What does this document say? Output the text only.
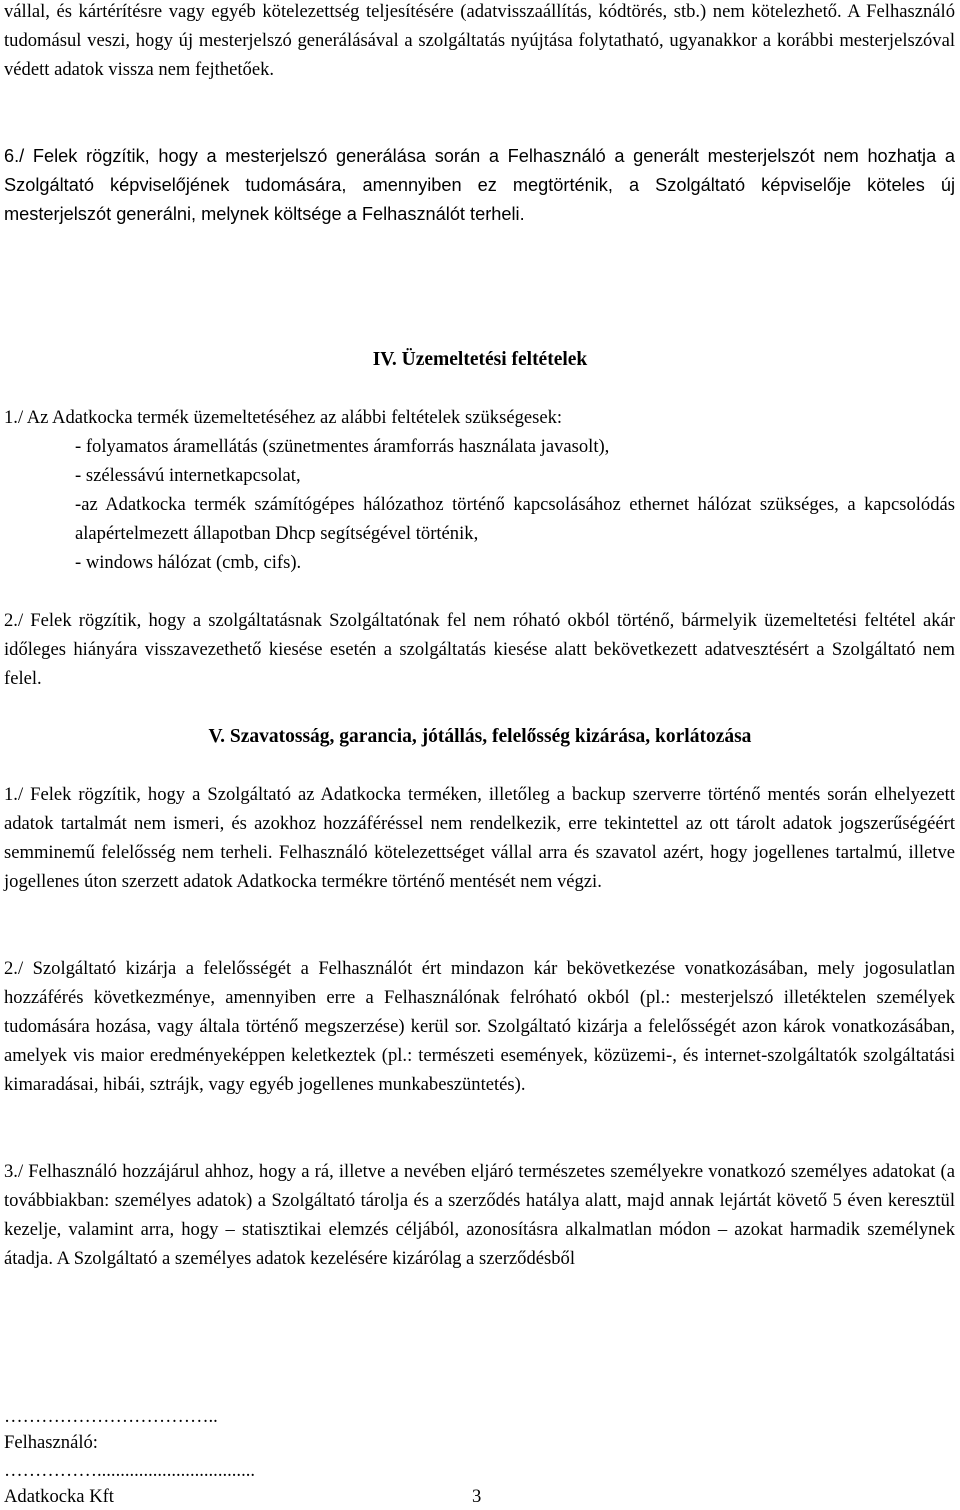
vállal, és kártérítésre vagy egyéb kötelezettség teljesítésére (adatvisszaállítás, kódtörés, stb.) nem kötelezhető. A Felhasználó tudomásul veszi, hogy új mesterjelszó generálásával a szolgáltatás nyújtása folytatható, ugyanakkor a korábbi mesterjelszóval védett adatok vissza nem fejthetőek.

6./ Felek rögzítik, hogy a mesterjelszó generálása során a Felhasználó a generált mesterjelszót nem hozhatja a Szolgáltató képviselőjének tudomására, amennyiben ez megtörténik, a Szolgáltató képviselője köteles új mesterjelszót generálni, melynek költsége a Felhasználót terheli.

IV. Üzemeltetési feltételek

1./ Az Adatkocka termék üzemeltetéséhez az alábbi feltételek szükségesek:

- folyamatos áramellátás (szünetmentes áramforrás használata javasolt),
- szélessávú internetkapcsolat,
-az Adatkocka termék számítógépes hálózathoz történő kapcsolásához ethernet hálózat szükséges, a kapcsolódás alapértelmezett állapotban Dhcp segítségével történik,
- windows hálózat (cmb, cifs).

2./ Felek rögzítik, hogy a szolgáltatásnak Szolgáltatónak fel nem róható okból történő, bármelyik üzemeltetési feltétel akár időleges hiányára visszavezethető kiesése esetén a szolgáltatás kiesése alatt bekövetkezett adatvesztésért a Szolgáltató nem felel.

V. Szavatosság, garancia, jótállás, felelősség kizárása, korlátozása

1./ Felek rögzítik, hogy a Szolgáltató az Adatkocka terméken, illetőleg a backup szerverre történő mentés során elhelyezett adatok tartalmát nem ismeri, és azokhoz hozzáféréssel nem rendelkezik, erre tekintettel az ott tárolt adatok jogszerűségéért semminemű felelősség nem terheli. Felhasználó kötelezettséget vállal arra és szavatol azért, hogy jogellenes tartalmú, illetve jogellenes úton szerzett adatok Adatkocka termékre történő mentését nem végzi.

2./ Szolgáltató kizárja a felelősségét a Felhasználót ért mindazon kár bekövetkezése vonatkozásában, mely jogosulatlan hozzáférés következménye, amennyiben erre a Felhasználónak felróható okból (pl.: mesterjelszó illetéktelen személyek tudomására hozása, vagy általa történő megszerzése) kerül sor. Szolgáltató kizárja a felelősségét azon károk vonatkozásában, amelyek vis maior eredményeképpen keletkeztek (pl.: természeti események, közüzemi-, és internet-szolgáltatók szolgáltatási kimaradásai, hibái, sztrájk, vagy egyéb jogellenes munkabeszüntetés).

3./ Felhasználó hozzájárul ahhoz, hogy a rá, illetve a nevében eljáró természetes személyekre vonatkozó személyes adatokat (a továbbiakban: személyes adatok) a Szolgáltató tárolja és a szerződés hatálya alatt, majd annak lejártát követő 5 éven keresztül kezelje, valamint arra, hogy – statisztikai elemzés céljából, azonosításra alkalmatlan módon – azokat harmadik személynek átadja. A Szolgáltató a személyes adatok kezelésére kizárólag a szerződésből

……………………………..

Felhasználó:

……………..................................

Adatkocka Kft	3
